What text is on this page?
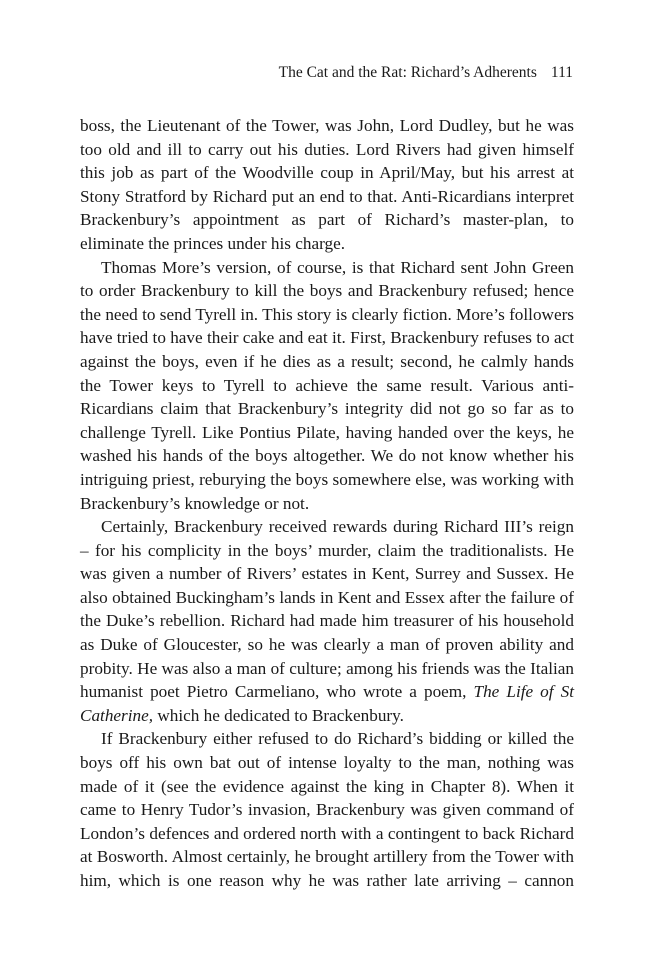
The Cat and the Rat: Richard’s Adherents 111

boss, the Lieutenant of the Tower, was John, Lord Dudley, but he was too old and ill to carry out his duties. Lord Rivers had given himself this job as part of the Woodville coup in April/May, but his arrest at Stony Stratford by Richard put an end to that. Anti-Ricardians interpret Brackenbury’s appointment as part of Richard’s master-plan, to eliminate the princes under his charge.

Thomas More’s version, of course, is that Richard sent John Green to order Brackenbury to kill the boys and Brackenbury refused; hence the need to send Tyrell in. This story is clearly fiction. More’s followers have tried to have their cake and eat it. First, Brackenbury refuses to act against the boys, even if he dies as a result; second, he calmly hands the Tower keys to Tyrell to achieve the same result. Various anti-Ricardians claim that Brackenbury’s integrity did not go so far as to challenge Tyrell. Like Pontius Pilate, having handed over the keys, he washed his hands of the boys altogether. We do not know whether his intriguing priest, reburying the boys somewhere else, was working with Brackenbury’s knowledge or not.

Certainly, Brackenbury received rewards during Richard III’s reign – for his complicity in the boys’ murder, claim the traditionalists. He was given a number of Rivers’ estates in Kent, Surrey and Sussex. He also obtained Buckingham’s lands in Kent and Essex after the failure of the Duke’s rebellion. Richard had made him treasurer of his household as Duke of Gloucester, so he was clearly a man of proven ability and probity. He was also a man of culture; among his friends was the Italian humanist poet Pietro Carmeliano, who wrote a poem, The Life of St Catherine, which he dedicated to Brackenbury.

If Brackenbury either refused to do Richard’s bidding or killed the boys off his own bat out of intense loyalty to the man, nothing was made of it (see the evidence against the king in Chapter 8). When it came to Henry Tudor’s invasion, Brackenbury was given command of London’s defences and ordered north with a contingent to back Richard at Bosworth. Almost certainly, he brought artillery from the Tower with him, which is one reason why he was rather late arriving – cannon
